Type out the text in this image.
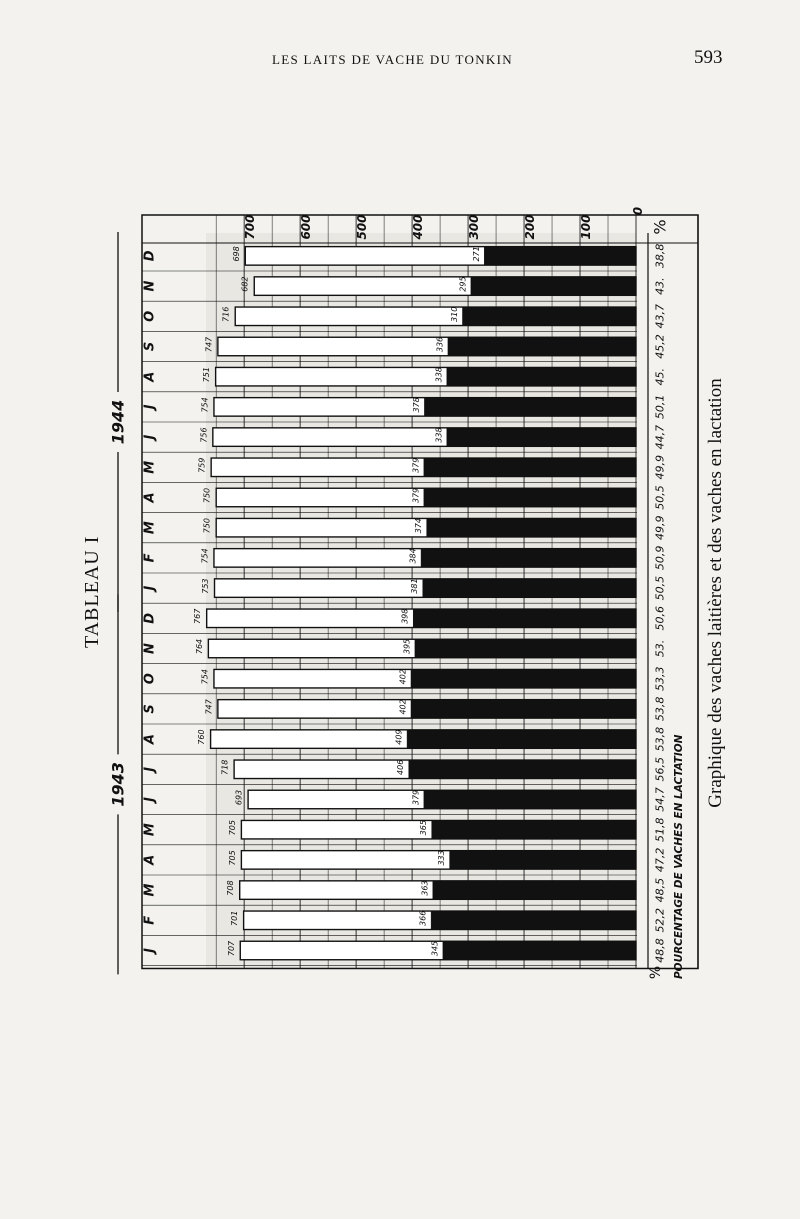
LES LAITS DE VACHE DU TONKIN	593
TABLEAU I	Graphique des vaches laitières et des vaches en lactation
0
100
200
300
400
500
600
700	%
%
1943
1944
J	707	345	48,8
F	701	366	52,2
M	708	363	48,5
A	705	333	47,2
M	705	365	51,8
J	693	379	54,7
J	718	406	56,5
A	760	409	53,8
S	747	402	53,8
O	754	402	53,3
N	764	395	53.
D	767	398	50,6
J	753	381	50,5
F	754	384	50,9
M	750	374	49,9
A	750	379	50,5
M	759	379	49,9
J	756	338	44,7
J	754	378	50,1
A	751	338	45.
S	747	336	45,2
O	716	310	43,7
N	682	295	43.
D	698	271	38,8
POURCENTAGE DE VACHES EN LACTATION
